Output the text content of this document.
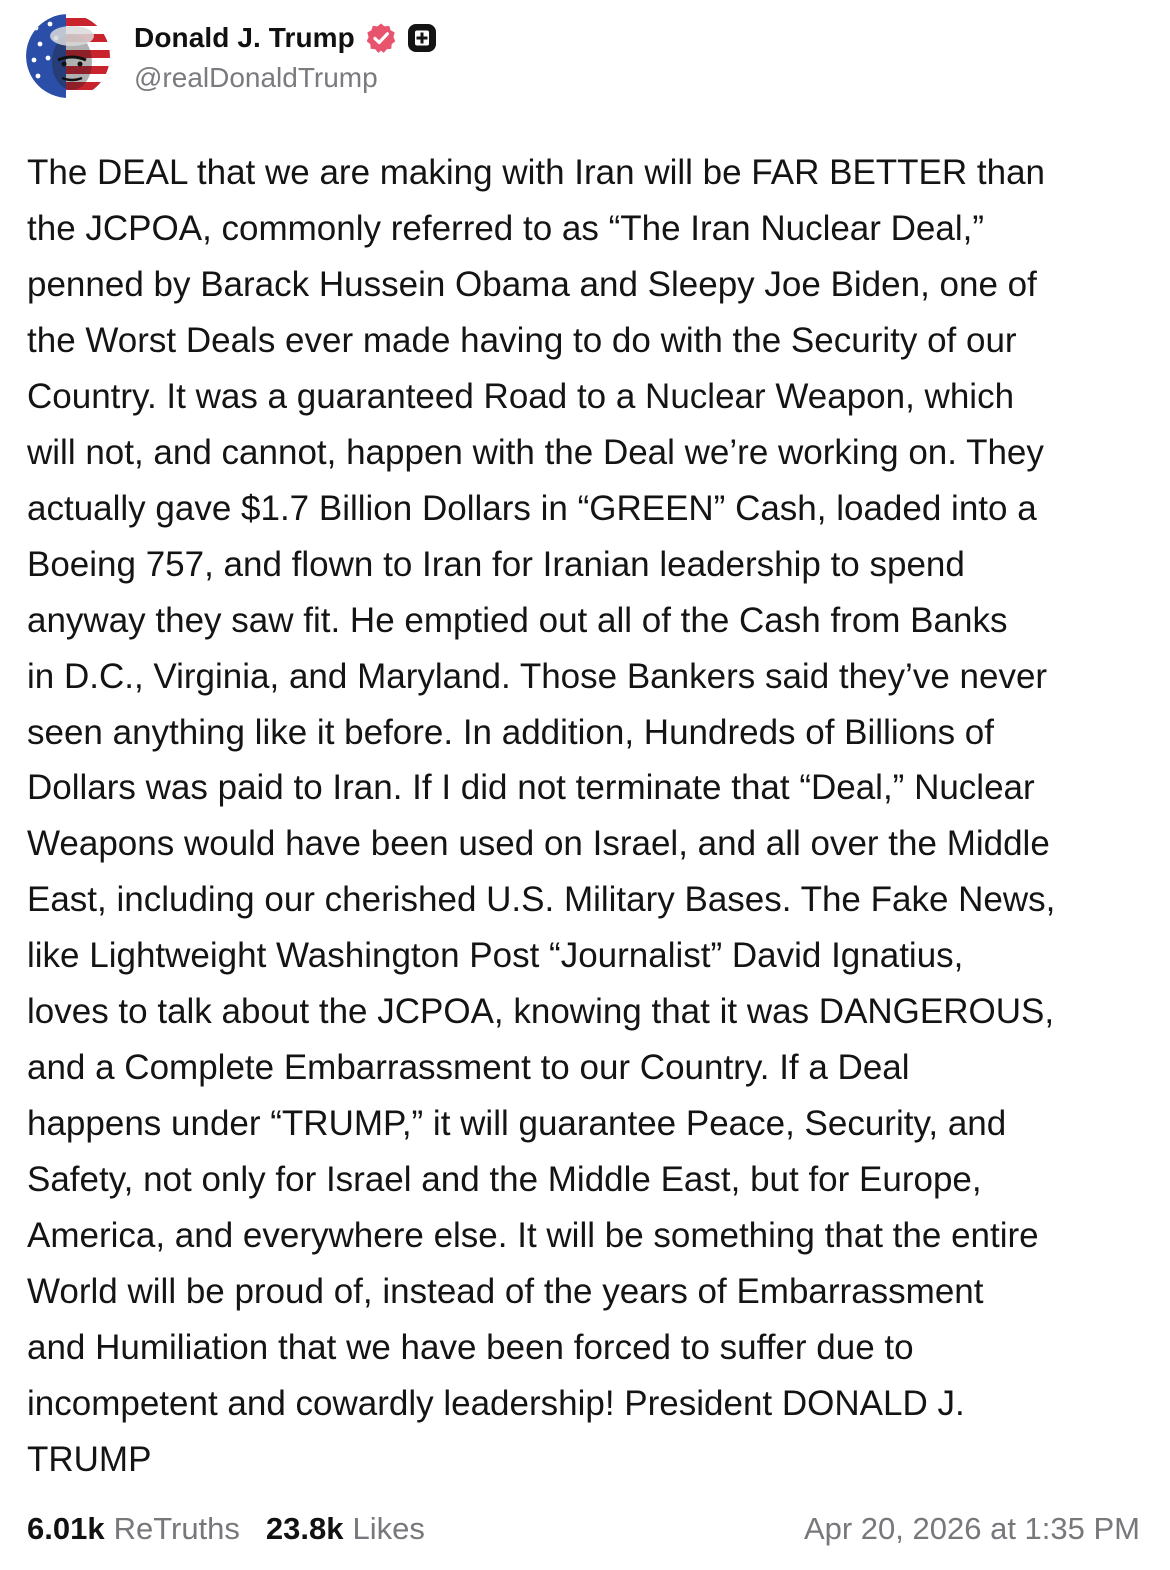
Donald J. Trump
@realDonaldTrump
The DEAL that we are making with Iran will be FAR BETTER than
the JCPOA, commonly referred to as “The Iran Nuclear Deal,”
penned by Barack Hussein Obama and Sleepy Joe Biden, one of
the Worst Deals ever made having to do with the Security of our
Country. It was a guaranteed Road to a Nuclear Weapon, which
will not, and cannot, happen with the Deal we’re working on. They
actually gave $1.7 Billion Dollars in “GREEN” Cash, loaded into a
Boeing 757, and flown to Iran for Iranian leadership to spend
anyway they saw fit. He emptied out all of the Cash from Banks
in D.C., Virginia, and Maryland. Those Bankers said they’ve never
seen anything like it before. In addition, Hundreds of Billions of
Dollars was paid to Iran. If I did not terminate that “Deal,” Nuclear
Weapons would have been used on Israel, and all over the Middle
East, including our cherished U.S. Military Bases. The Fake News,
like Lightweight Washington Post “Journalist” David Ignatius,
loves to talk about the JCPOA, knowing that it was DANGEROUS,
and a Complete Embarrassment to our Country. If a Deal
happens under “TRUMP,” it will guarantee Peace, Security, and
Safety, not only for Israel and the Middle East, but for Europe,
America, and everywhere else. It will be something that the entire
World will be proud of, instead of the years of Embarrassment
and Humiliation that we have been forced to suffer due to
incompetent and cowardly leadership! President DONALD J.
TRUMP
6.01k ReTruths 23.8k Likes	Apr 20, 2026 at 1:35 PM
